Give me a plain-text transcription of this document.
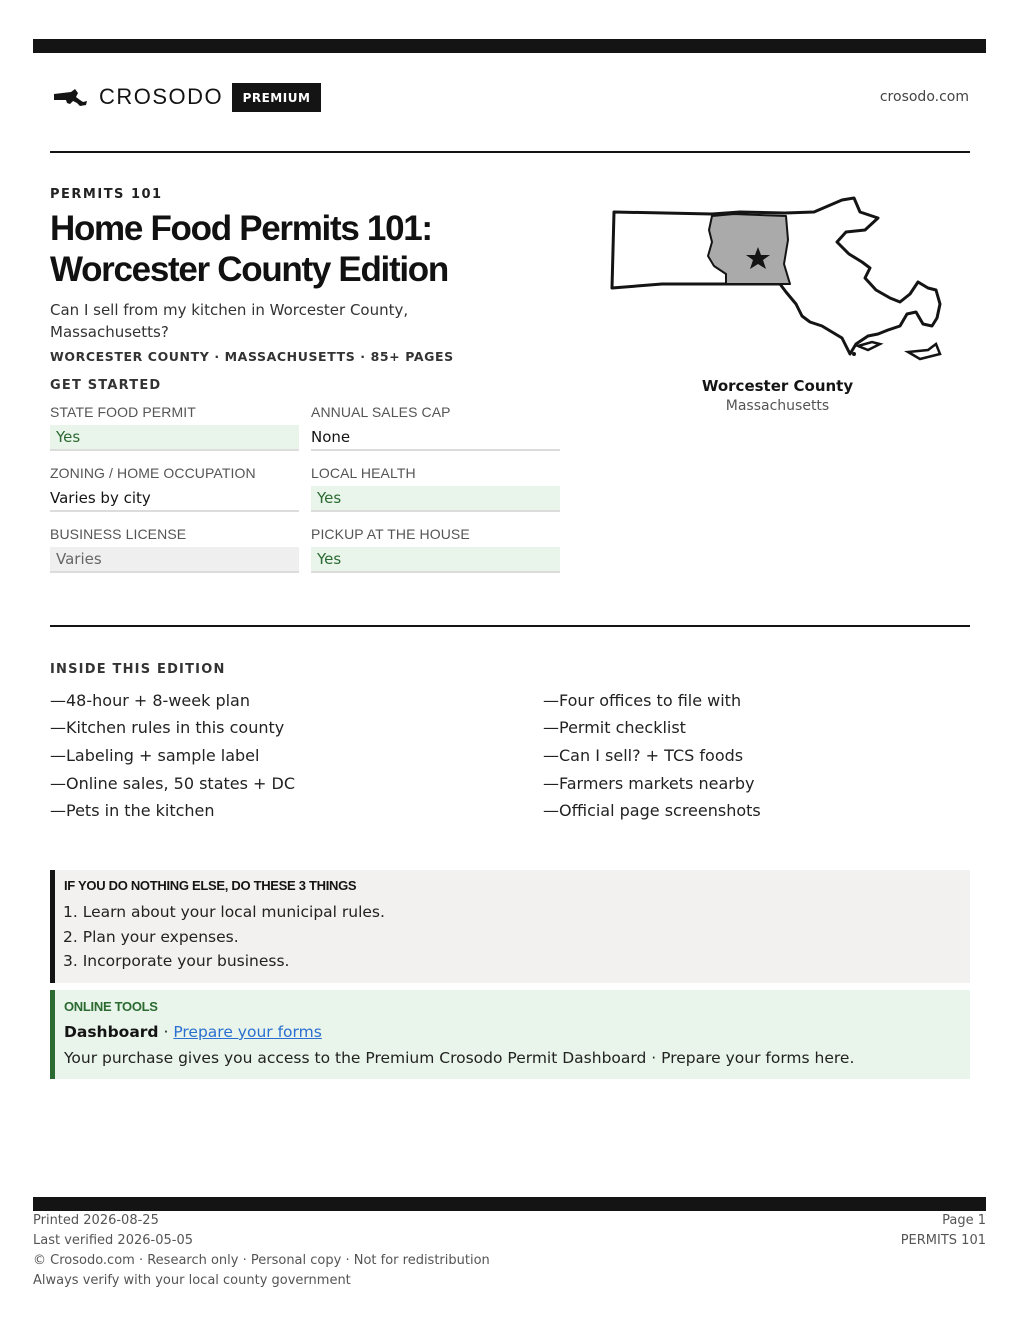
CROSODO	PREMIUM	crosodo.com
PERMITS 101
Home Food Permits 101:
Worcester County Edition
Can I sell from my kitchen in Worcester County, Massachusetts?
WORCESTER COUNTY · MASSACHUSETTS · 85+ PAGES
GET STARTED
STATE FOOD PERMIT
Yes
ANNUAL SALES CAP
None
ZONING / HOME OCCUPATION
Varies by city
LOCAL HEALTH
Yes
BUSINESS LICENSE
Varies
PICKUP AT THE HOUSE
Yes
Worcester County
Massachusetts
INSIDE THIS EDITION
—48-hour + 8-week plan
—Kitchen rules in this county
—Labeling + sample label
—Online sales, 50 states + DC
—Pets in the kitchen
—Four offices to file with
—Permit checklist
—Can I sell? + TCS foods
—Farmers markets nearby
—Official page screenshots
IF YOU DO NOTHING ELSE, DO THESE 3 THINGS
1. Learn about your local municipal rules.
2. Plan your expenses.
3. Incorporate your business.
ONLINE TOOLS
Dashboard · Prepare your forms
Your purchase gives you access to the Premium Crosodo Permit Dashboard · Prepare your forms here.
Printed 2026-08-25
Last verified 2026-05-05
© Crosodo.com · Research only · Personal copy · Not for redistribution
Always verify with your local county government
Page 1
PERMITS 101
